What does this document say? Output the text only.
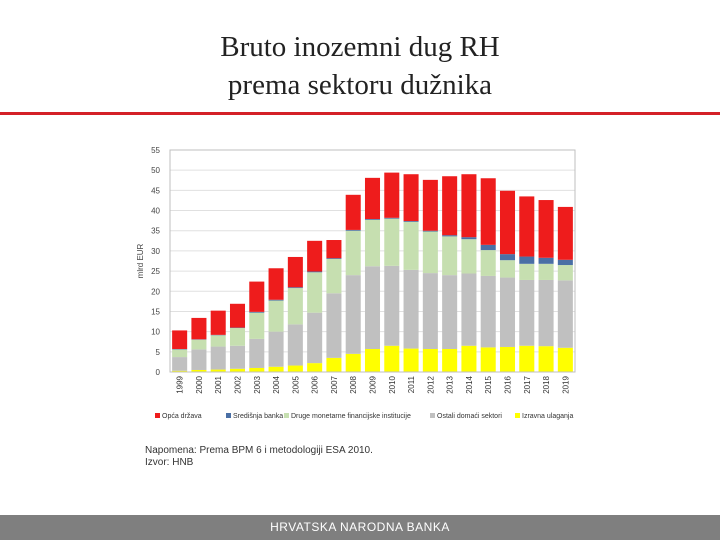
Bruto inozemni dug RH
prema sektoru dužnika
0
5
10
15
20
25
30
35
40
45
50
55
mlrd EUR
1999 2000 2001 2002 2003 2004 2005 2006 2007 2008 2009 2010 2011 2012 2013 2014 2015 2016 2017 2018 2019
Opća država	Središnja banka Druge monetarne financijske institucije	Ostali domaći sektori	Izravna ulaganja
Napomena: Prema BPM 6 i metodologiji ESA 2010.
Izvor: HNB
HRVATSKA NARODNA BANKA
